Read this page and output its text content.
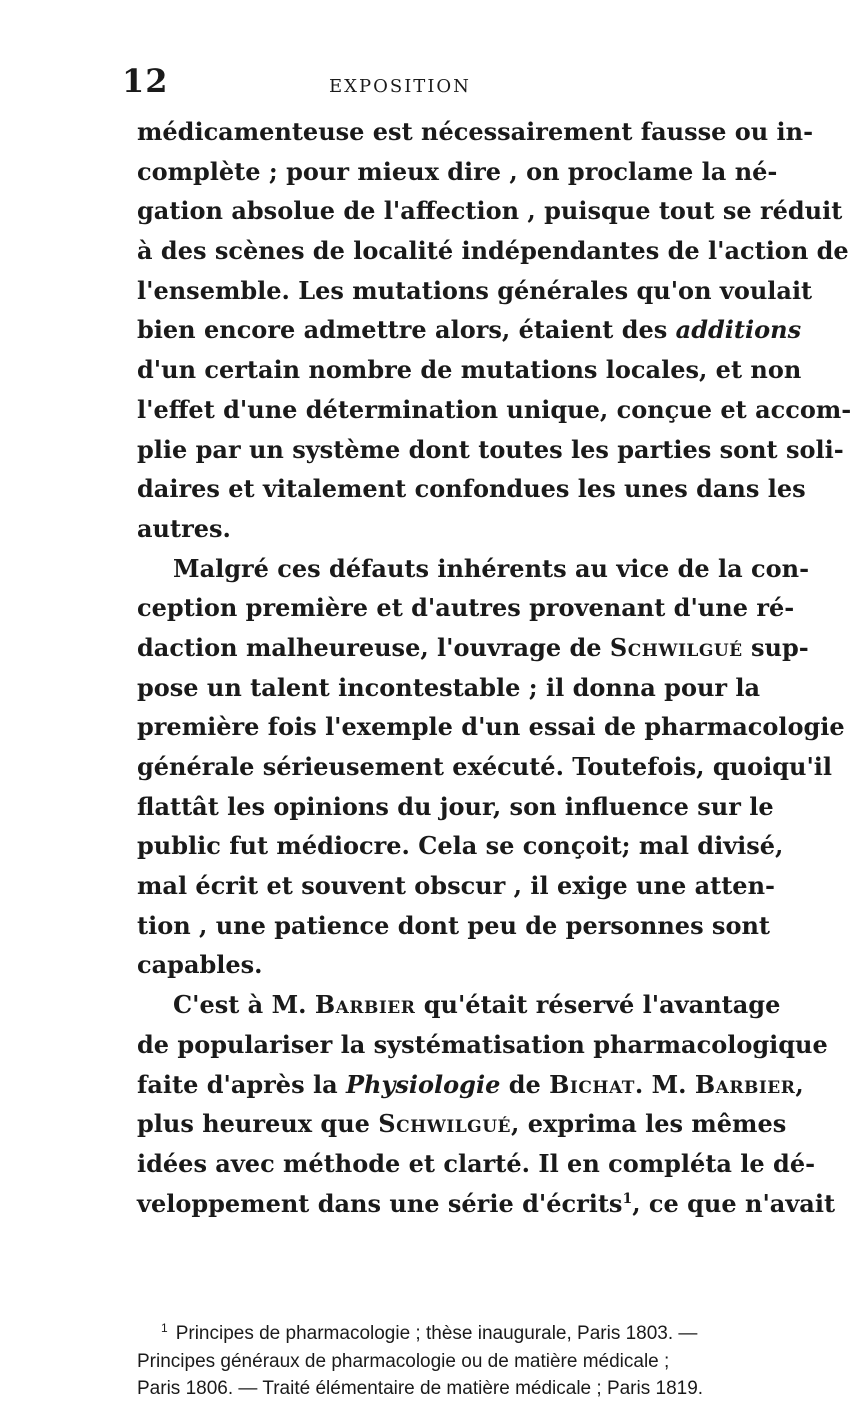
12	EXPOSITION
médicamenteuse est nécessairement fausse ou in-
complète ; pour mieux dire , on proclame la né-
gation absolue de l'affection , puisque tout se réduit
à des scènes de localité indépendantes de l'action de
l'ensemble. Les mutations générales qu'on voulait
bien encore admettre alors, étaient des additions
d'un certain nombre de mutations locales, et non
l'effet d'une détermination unique, conçue et accom-
plie par un système dont toutes les parties sont soli-
daires et vitalement confondues les unes dans les
autres.
Malgré ces défauts inhérents au vice de la con-
ception première et d'autres provenant d'une ré-
daction malheureuse, l'ouvrage de Schwilgué sup-
pose un talent incontestable ; il donna pour la
première fois l'exemple d'un essai de pharmacologie
générale sérieusement exécuté. Toutefois, quoiqu'il
flattât les opinions du jour, son influence sur le
public fut médiocre. Cela se conçoit; mal divisé,
mal écrit et souvent obscur , il exige une atten-
tion , une patience dont peu de personnes sont
capables.
C'est à M. Barbier qu'était réservé l'avantage
de populariser la systématisation pharmacologique
faite d'après la Physiologie de Bichat. M. Barbier,
plus heureux que Schwilgué, exprima les mêmes
idées avec méthode et clarté. Il en compléta le dé-
veloppement dans une série d'écrits$^1$, ce que n'avait
$^1$ Principes de pharmacologie ; thèse inaugurale, Paris 1803. —
Principes généraux de pharmacologie ou de matière médicale ;
Paris 1806. — Traité élémentaire de matière médicale ; Paris 1819.
